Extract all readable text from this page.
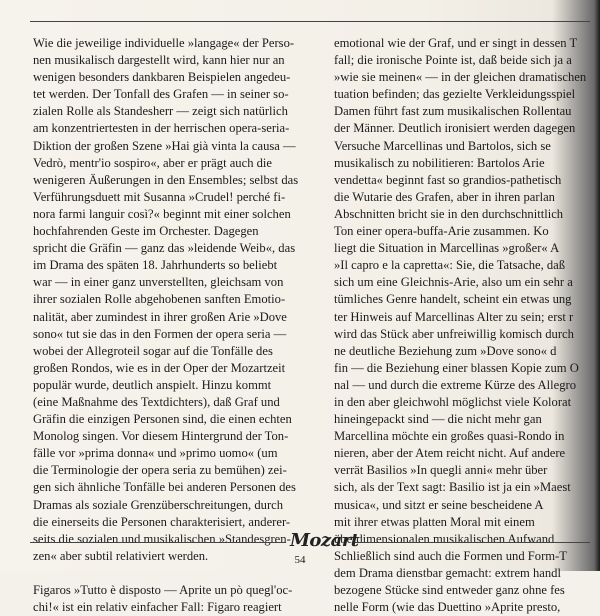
Wie die jeweilige individuelle »langage« der Perso-
nen musikalisch dargestellt wird, kann hier nur an
wenigen besonders dankbaren Beispielen angedeu-
tet werden. Der Tonfall des Grafen — in seiner so-
zialen Rolle als Standesherr — zeigt sich natürlich
am konzentriertesten in der herrischen opera-seria-
Diktion der großen Szene »Hai già vinta la causa —
Vedrò, mentr'io sospiro«, aber er prägt auch die
wenigeren Äußerungen in den Ensembles; selbst das
Verführungsduett mit Susanna »Crudel! perché fi-
nora farmi languir così?« beginnt mit einer solchen
hochfahrenden Geste im Orchester. Dagegen
spricht die Gräfin — ganz das »leidende Weib«, das
im Drama des späten 18. Jahrhunderts so beliebt
war — in einer ganz unverstellten, gleichsam von
ihrer sozialen Rolle abgehobenen sanften Emotio-
nalität, aber zumindest in ihrer großen Arie »Dove
sono« tut sie das in den Formen der opera seria —
wobei der Allegroteil sogar auf die Tonfälle des
großen Rondos, wie es in der Oper der Mozartzeit
populär wurde, deutlich anspielt. Hinzu kommt
(eine Maßnahme des Textdichters), daß Graf und
Gräfin die einzigen Personen sind, die einen echten
Monolog singen. Vor diesem Hintergrund der Ton-
fälle vor »prima donna« und »primo uomo« (um
die Terminologie der opera seria zu bemühen) zei-
gen sich ähnliche Tonfälle bei anderen Personen des
Dramas als soziale Grenzüberschreitungen, durch
die einerseits die Personen charakterisiert, anderer-
seits die sozialen und musikalischen »Standesgren-
zen« aber subtil relativiert werden.
Figaros »Tutto è disposto — Aprite un pò quegl'oc-
chi!« ist ein relativ einfacher Fall: Figaro reagiert
emotional wie der Graf, und er singt in dessen T
fall; die ironische Pointe ist, daß beide sich ja a
»wie sie meinen« — in der gleichen dramatischen
tuation befinden; das gezielte Verkleidungsspiel
Damen führt fast zum musikalischen Rollentau
der Männer. Deutlich ironisiert werden dagegen
Versuche Marcellinas und Bartolos, sich se
musikalisch zu nobilitieren: Bartolos Arie
vendetta« beginnt fast so grandios-pathetisch
die Wutarie des Grafen, aber in ihren parlan
Abschnitten bricht sie in den durchschnittlich
Ton einer opera-buffa-Arie zusammen. Ko
liegt die Situation in Marcellinas »großer« A
»Il capro e la capretta«: Sie, die Tatsache, daß
sich um eine Gleichnis-Arie, also um ein sehr a
tümliches Genre handelt, scheint ein etwas ung
ter Hinweis auf Marcellinas Alter zu sein; erst r
wird das Stück aber unfreiwillig komisch durch
ne deutliche Beziehung zum »Dove sono« d
fin — die Beziehung einer blassen Kopie zum O
nal — und durch die extreme Kürze des Allegro
in den aber gleichwohl möglichst viele Kolorat
hineingepackt sind — die nicht mehr gan
Marcellina möchte ein großes quasi-Rondo in
nieren, aber der Atem reicht nicht. Auf andere
verrät Basilios »In quegli anni« mehr über
sich, als der Text sagt: Basilio ist ja ein »Maest
musica«, und sitzt er seine bescheidene A
mit ihrer etwas platten Moral mit einem
überdimensionalen musikalischen Aufwand
Schließlich sind auch die Formen und Form-T
dem Drama dienstbar gemacht: extrem handl
bezogene Stücke sind entweder ganz ohne fes
nelle Form (wie das Duettino »Aprite presto,
Mozart
54
